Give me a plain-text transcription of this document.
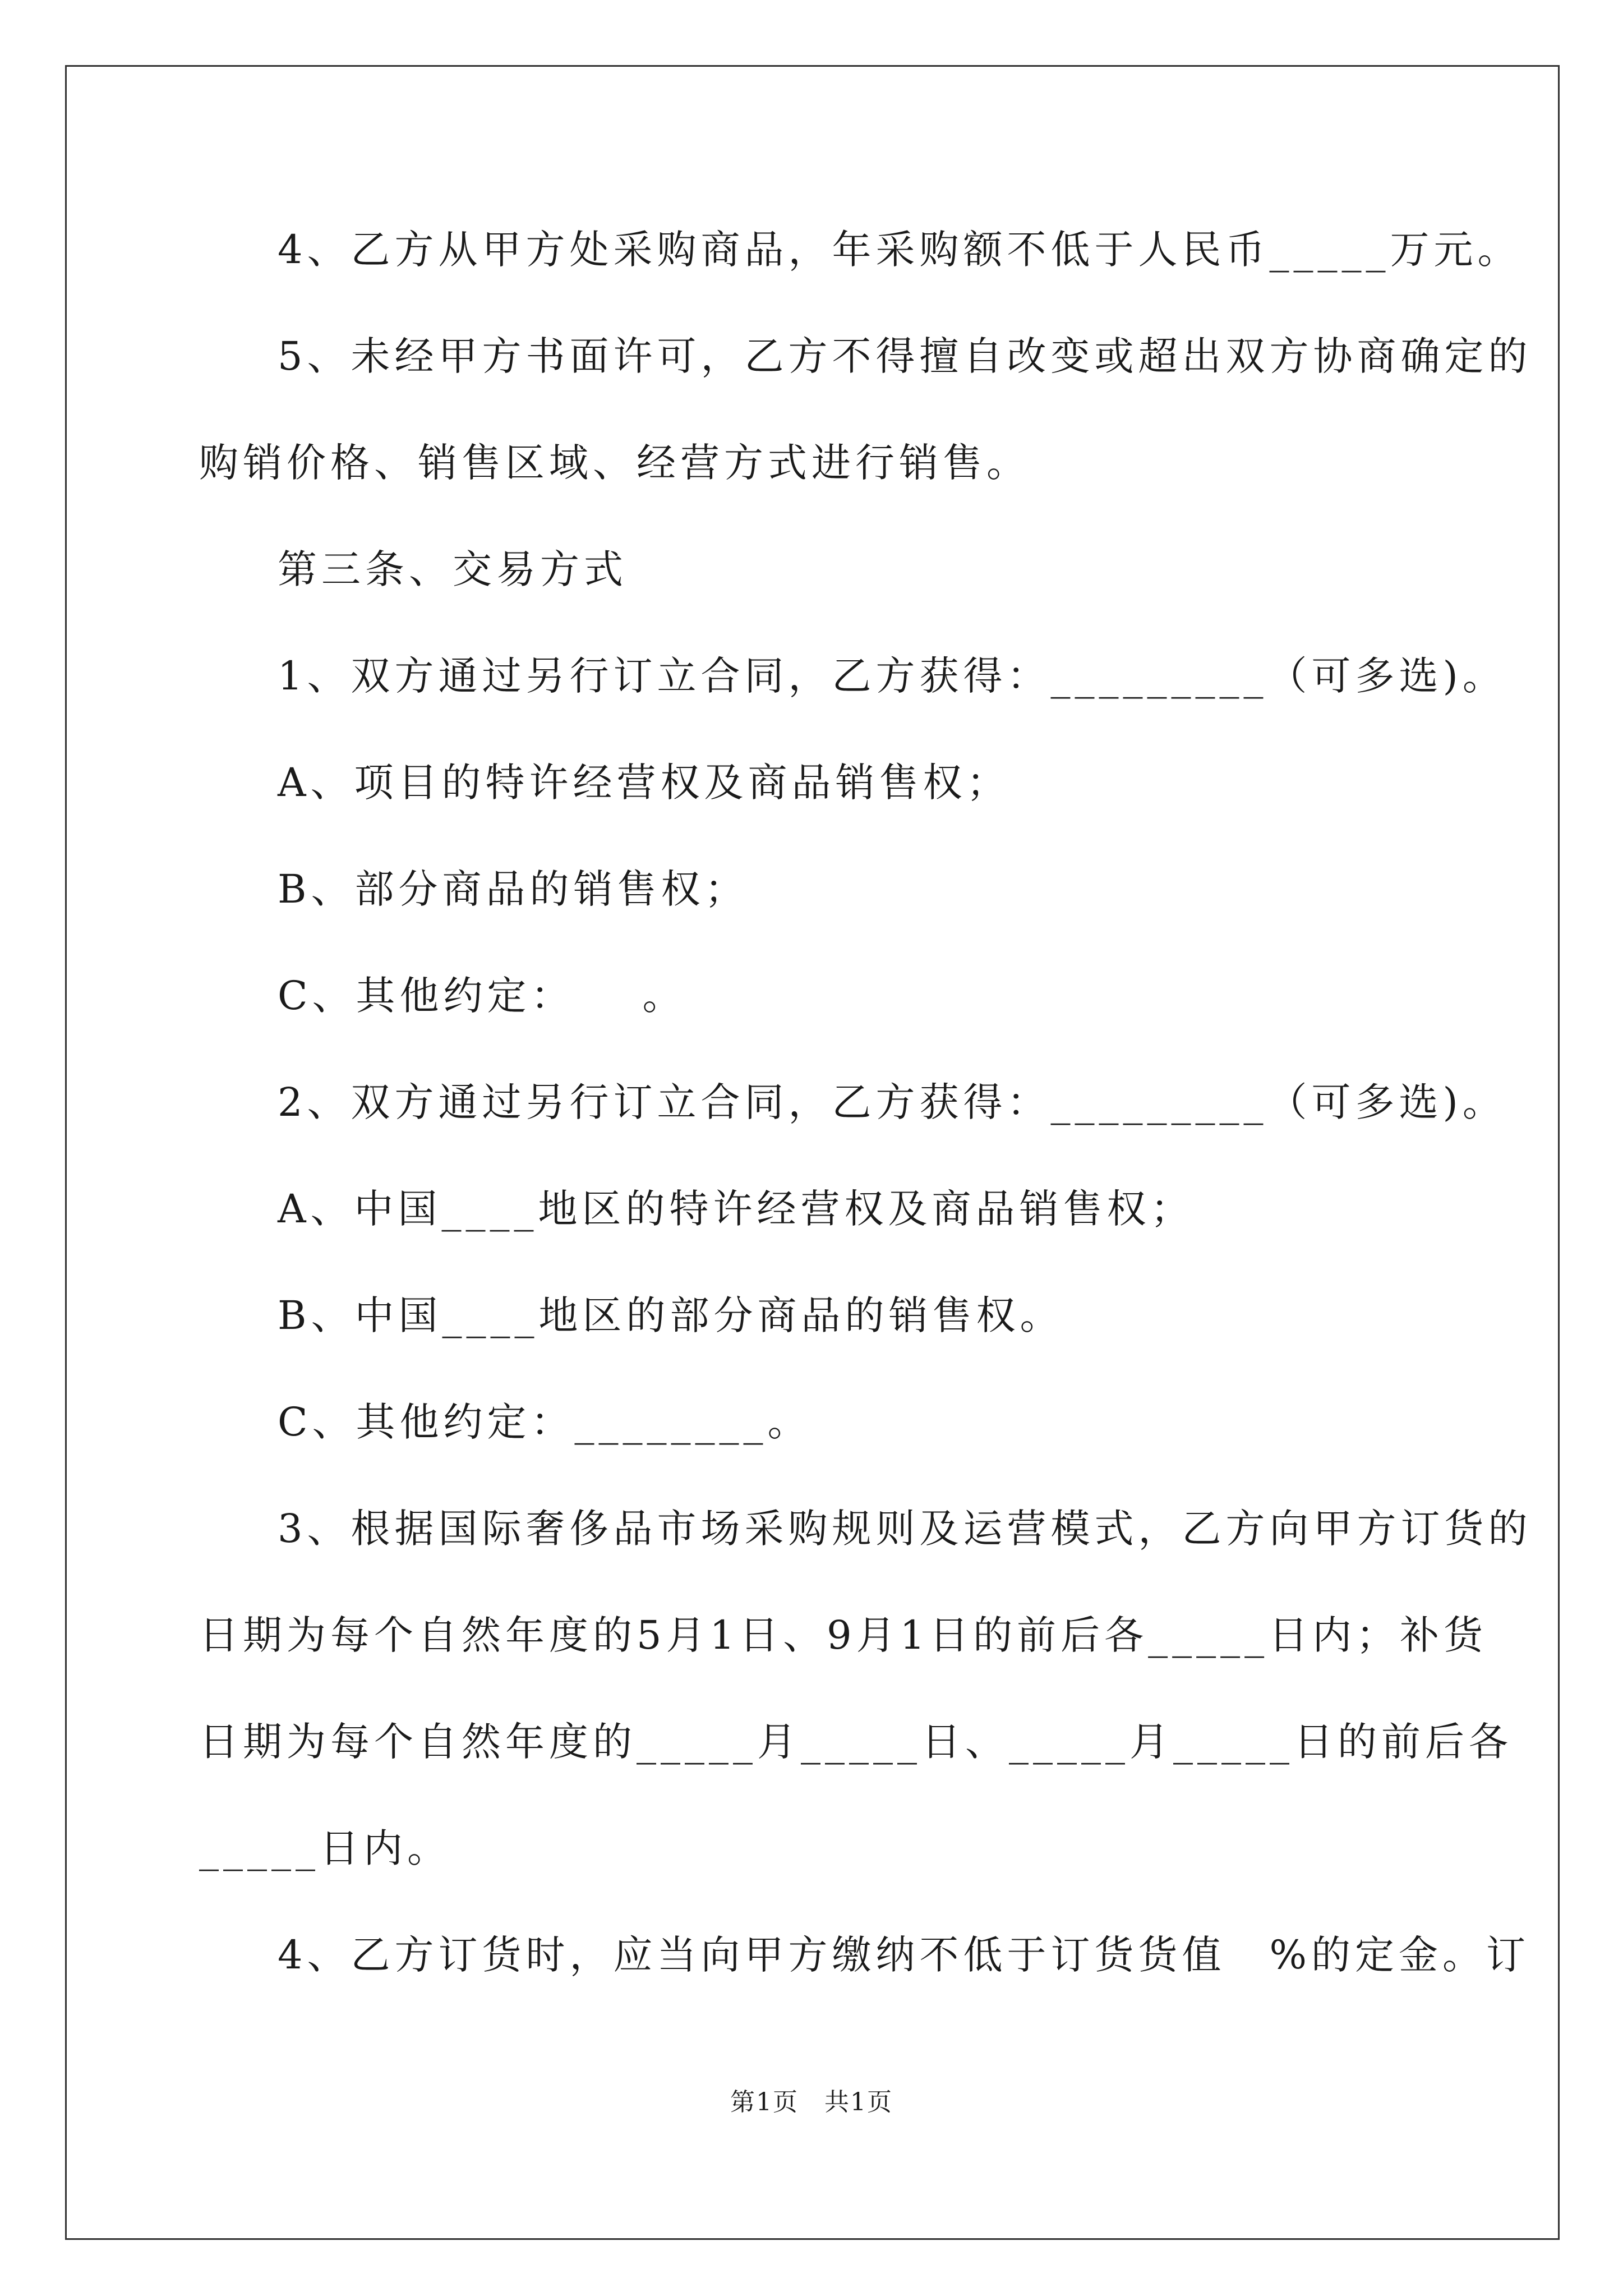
4、乙方从甲方处采购商品，年采购额不低于人民币_____万元。
5、未经甲方书面许可，乙方不得擅自改变或超出双方协商确定的
购销价格、销售区域、经营方式进行销售。
第三条、交易方式
1、双方通过另行订立合同，乙方获得：_________（可多选)。
A、项目的特许经营权及商品销售权；
B、部分商品的销售权；
C、其他约定：　　。
2、双方通过另行订立合同，乙方获得：_________（可多选)。
A、中国____地区的特许经营权及商品销售权；
B、中国____地区的部分商品的销售权。
C、其他约定：________。
3、根据国际奢侈品市场采购规则及运营模式，乙方向甲方订货的
日期为每个自然年度的5月1日、9月1日的前后各_____日内；补货
日期为每个自然年度的_____月_____日、_____月_____日的前后各
_____日内。
4、乙方订货时，应当向甲方缴纳不低于订货货值　%的定金。订
第1页　共1页
